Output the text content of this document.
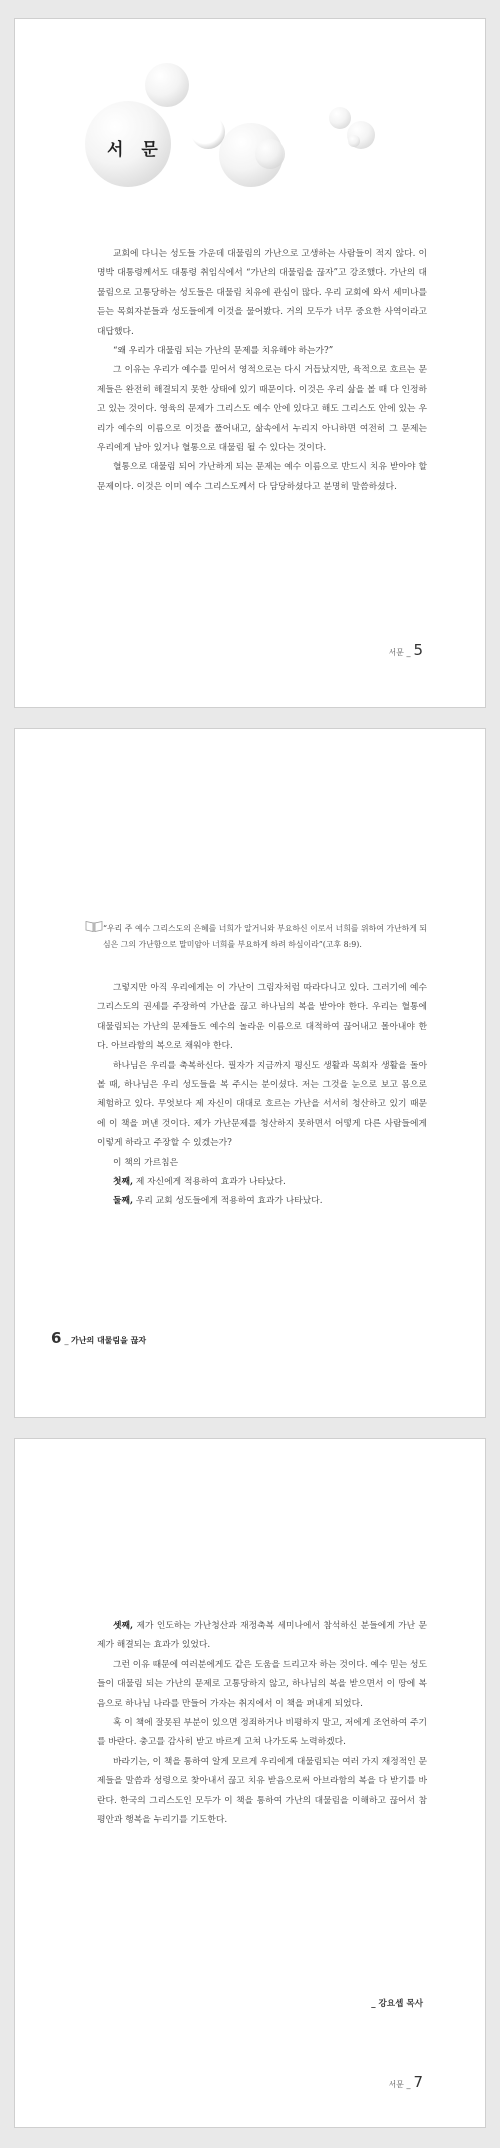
서 문

교회에 다니는 성도들 가운데 대물림의 가난으로 고생하는 사람들이 적지 않다. 이명박 대통령께서도 대통령 취임식에서 “가난의 대물림을 끊자”고 강조했다. 가난의 대물림으로 고통당하는 성도들은 대물림 치유에 관심이 많다. 우리 교회에 와서 세미나를 듣는 목회자분들과 성도들에게 이것을 물어봤다. 거의 모두가 너무 중요한 사역이라고 대답했다.

“왜 우리가 대물림 되는 가난의 문제를 치유해야 하는가?”

그 이유는 우리가 예수를 믿어서 영적으로는 다시 거듭났지만, 육적으로 흐르는 문제들은 완전히 해결되지 못한 상태에 있기 때문이다. 이것은 우리 삶을 볼 때 다 인정하고 있는 것이다. 영육의 문제가 그리스도 예수 안에 있다고 해도 그리스도 안에 있는 우리가 예수의 이름으로 이것을 풀어내고, 삶속에서 누리지 아니하면 여전히 그 문제는 우리에게 남아 있거나 혈통으로 대물림 될 수 있다는 것이다.

혈통으로 대물림 되어 가난하게 되는 문제는 예수 이름으로 반드시 치유 받아야 할 문제이다. 이것은 이미 예수 그리스도께서 다 담당하셨다고 분명히 말씀하셨다.

서문 _ 5
“우리 주 예수 그리스도의 은혜를 너희가 알거니와 부요하신 이로서 너희를 위하여 가난하게 되심은 그의 가난함으로 말미암아 너희를 부요하게 하려 하심이라”(고후 8:9).

그렇지만 아직 우리에게는 이 가난이 그림자처럼 따라다니고 있다. 그러기에 예수 그리스도의 권세를 주장하여 가난을 끊고 하나님의 복을 받아야 한다. 우리는 혈통에 대물림되는 가난의 문제들도 예수의 놀라운 이름으로 대적하여 끊어내고 몰아내야 한다. 아브라함의 복으로 채워야 한다.

하나님은 우리를 축복하신다. 필자가 지금까지 평신도 생활과 목회자 생활을 돌아 볼 때, 하나님은 우리 성도들을 복 주시는 분이셨다. 저는 그것을 눈으로 보고 몸으로 체험하고 있다. 무엇보다 제 자신이 대대로 흐르는 가난을 서서히 청산하고 있기 때문에 이 책을 펴낸 것이다. 제가 가난문제를 청산하지 못하면서 어떻게 다른 사람들에게 이렇게 하라고 주장할 수 있겠는가?

이 책의 가르침은

첫째, 제 자신에게 적용하여 효과가 나타났다.

둘째, 우리 교회 성도들에게 적용하여 효과가 나타났다.

6 _ 가난의 대물림을 끊자

셋째, 제가 인도하는 가난청산과 재정축복 세미나에서 참석하신 분들에게 가난 문제가 해결되는 효과가 있었다.

그런 이유 때문에 여러분에게도 같은 도움을 드리고자 하는 것이다. 예수 믿는 성도들이 대물림 되는 가난의 문제로 고통당하지 않고, 하나님의 복을 받으면서 이 땅에 복음으로 하나님 나라를 만들어 가자는 취지에서 이 책을 펴내게 되었다.

혹 이 책에 잘못된 부분이 있으면 정죄하거나 비평하지 말고, 저에게 조언하여 주기를 바란다. 충고를 감사히 받고 바르게 고쳐 나가도록 노력하겠다.

바라기는, 이 책을 통하여 알게 모르게 우리에게 대물림되는 여러 가지 재정적인 문제들을 말씀과 성령으로 찾아내서 끊고 치유 받음으로써 아브라함의 복을 다 받기를 바란다. 한국의 그리스도인 모두가 이 책을 통하여 가난의 대물림을 이해하고 끊어서 참 평안과 행복을 누리기를 기도한다.

_ 강요셉 목사
서문 _ 7
